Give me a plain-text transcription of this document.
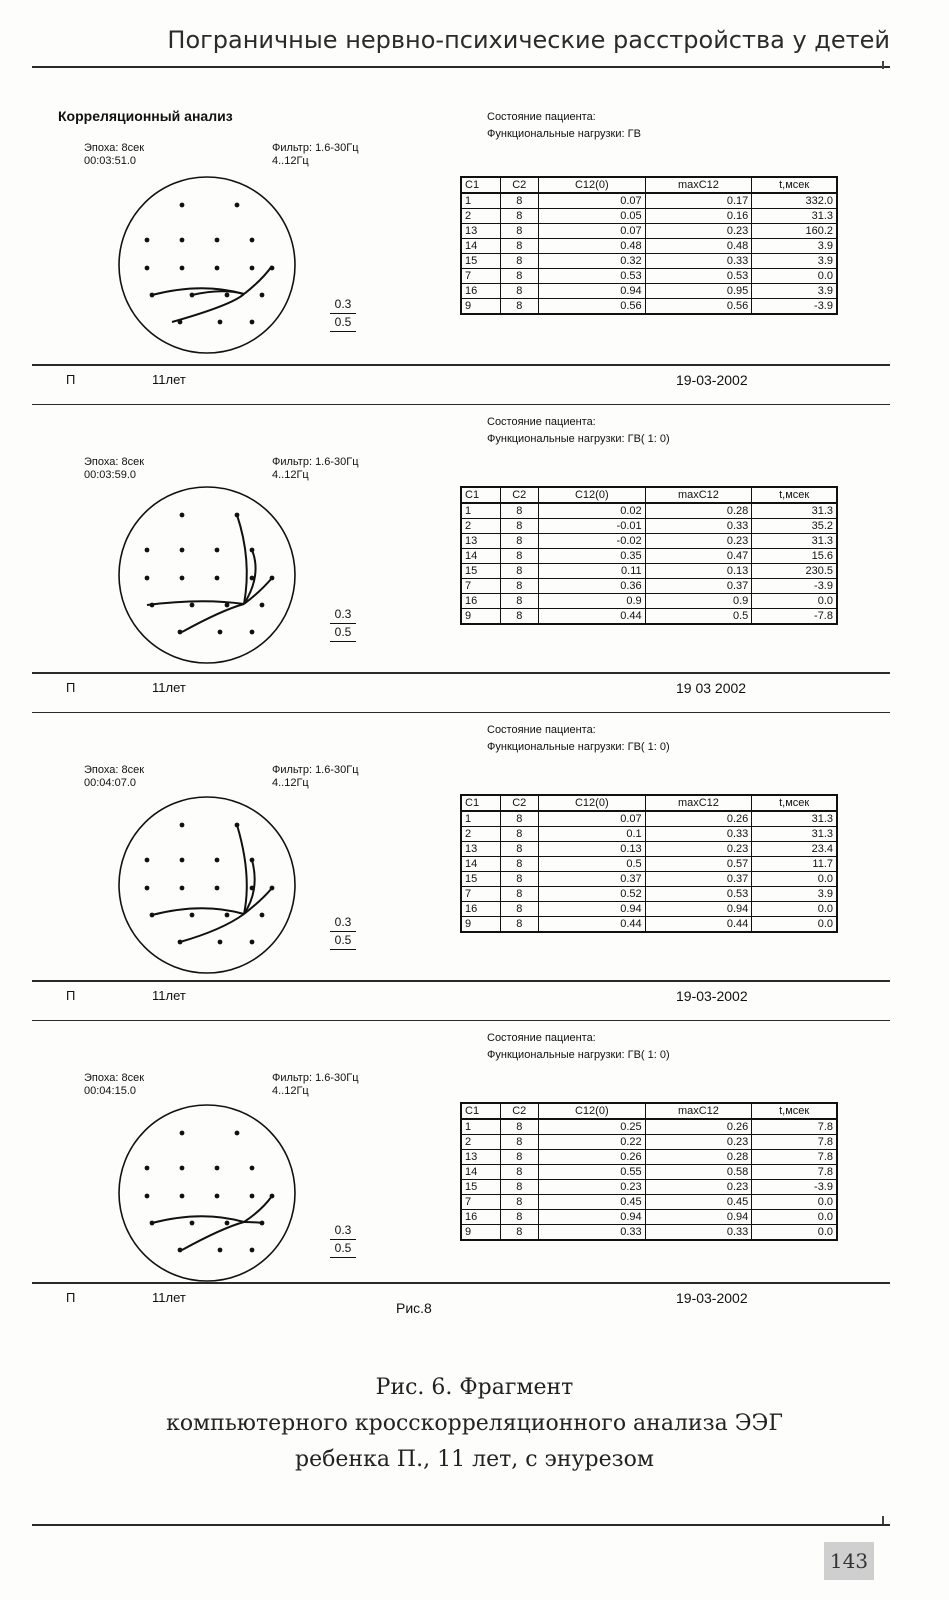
Пограничные нервно-психические расстройства у детей
Корреляционный анализ
Эпоха: 8сек
00:03:51.0
Фильтр: 1.6-30Гц
4..12Гц
Состояние пациента:
Функциональные нагрузки: ГВ
0.3
0.5
C1	C2	C12(0)	maxC12	t,мсек
1	8	0.07	0.17	332.0
2	8	0.05	0.16	31.3
13	8	0.07	0.23	160.2
14	8	0.48	0.48	3.9
15	8	0.32	0.33	3.9
7	8	0.53	0.53	0.0
16	8	0.94	0.95	3.9
9	8	0.56	0.56	-3.9
П	11лет	19-03-2002
Состояние пациента:
Функциональные нагрузки: ГВ( 1: 0)
Эпоха: 8сек
00:03:59.0
Фильтр: 1.6-30Гц
4..12Гц
0.3
0.5
C1	C2	C12(0)	maxC12	t,мсек
1	8	0.02	0.28	31.3
2	8	-0.01	0.33	35.2
13	8	-0.02	0.23	31.3
14	8	0.35	0.47	15.6
15	8	0.11	0.13	230.5
7	8	0.36	0.37	-3.9
16	8	0.9	0.9	0.0
9	8	0.44	0.5	-7.8
П	11лет	19 03 2002
Состояние пациента:
Функциональные нагрузки: ГВ( 1: 0)
Эпоха: 8сек
00:04:07.0
Фильтр: 1.6-30Гц
4..12Гц
0.3
0.5
C1	C2	C12(0)	maxC12	t,мсек
1	8	0.07	0.26	31.3
2	8	0.1	0.33	31.3
13	8	0.13	0.23	23.4
14	8	0.5	0.57	11.7
15	8	0.37	0.37	0.0
7	8	0.52	0.53	3.9
16	8	0.94	0.94	0.0
9	8	0.44	0.44	0.0
П	11лет	19-03-2002
Состояние пациента:
Функциональные нагрузки: ГВ( 1: 0)
Эпоха: 8сек
00:04:15.0
Фильтр: 1.6-30Гц
4..12Гц
0.3
0.5
C1	C2	C12(0)	maxC12	t,мсек
1	8	0.25	0.26	7.8
2	8	0.22	0.23	7.8
13	8	0.26	0.28	7.8
14	8	0.55	0.58	7.8
15	8	0.23	0.23	-3.9
7	8	0.45	0.45	0.0
16	8	0.94	0.94	0.0
9	8	0.33	0.33	0.0
П	11лет	19-03-2002
Рис.8
Рис. 6. Фрагмент
компьютерного кросскорреляционного анализа ЭЭГ
ребенка П., 11 лет, с энурезом
143
